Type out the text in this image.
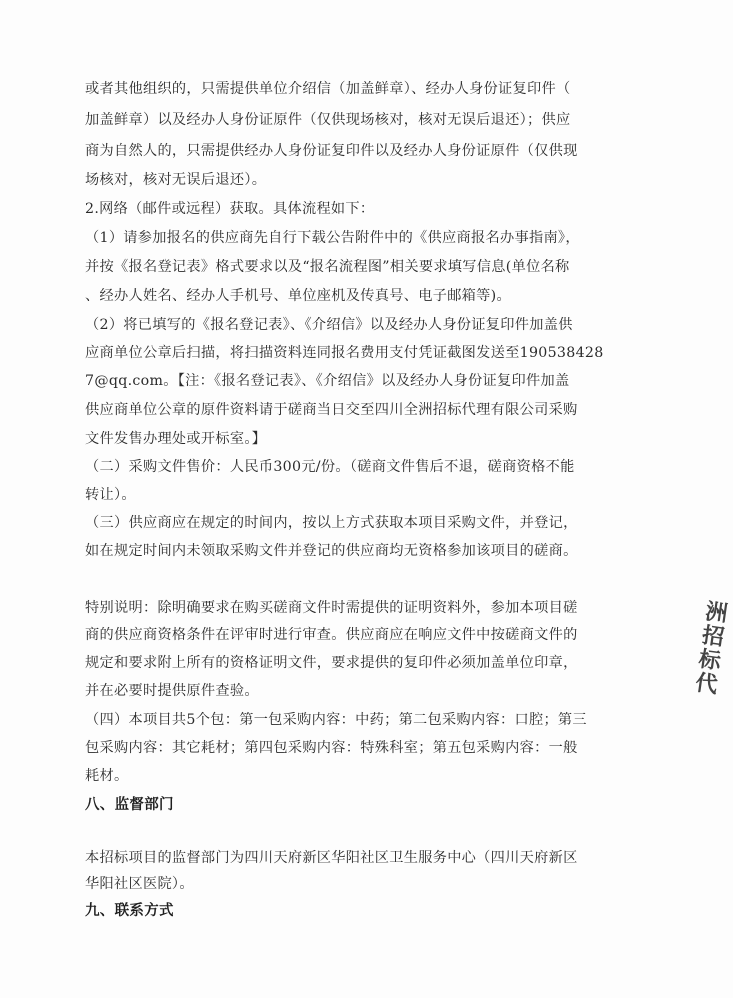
或者其他组织的，只需提供单位介绍信（加盖鲜章）、经办人身份证复印件（
加盖鲜章）以及经办人身份证原件（仅供现场核对，核对无误后退还）；供应
商为自然人的，只需提供经办人身份证复印件以及经办人身份证原件（仅供现
场核对，核对无误后退还）。
2.网络（邮件或远程）获取。具体流程如下：
（1）请参加报名的供应商先自行下载公告附件中的《供应商报名办事指南》，
并按《报名登记表》格式要求以及“报名流程图”相关要求填写信息(单位名称
、经办人姓名、经办人手机号、单位座机及传真号、电子邮箱等)。
（2）将已填写的《报名登记表》、《介绍信》以及经办人身份证复印件加盖供
应商单位公章后扫描，将扫描资料连同报名费用支付凭证截图发送至190538428
7@qq.com。【注：《报名登记表》、《介绍信》以及经办人身份证复印件加盖
供应商单位公章的原件资料请于磋商当日交至四川全洲招标代理有限公司采购
文件发售办理处或开标室。】
（二）采购文件售价：人民币300元/份。（磋商文件售后不退，磋商资格不能
转让）。
（三）供应商应在规定的时间内，按以上方式获取本项目采购文件，并登记，
如在规定时间内未领取采购文件并登记的供应商均无资格参加该项目的磋商。
特别说明：除明确要求在购买磋商文件时需提供的证明资料外，参加本项目磋
商的供应商资格条件在评审时进行审查。供应商应在响应文件中按磋商文件的
规定和要求附上所有的资格证明文件，要求提供的复印件必须加盖单位印章，
并在必要时提供原件查验。
（四）本项目共5个包：第一包采购内容：中药；第二包采购内容：口腔；第三
包采购内容：其它耗材；第四包采购内容：特殊科室；第五包采购内容：一般
耗材。
八、监督部门
本招标项目的监督部门为四川天府新区华阳社区卫生服务中心（四川天府新区
华阳社区医院）。
九、联系方式
洲招标代
